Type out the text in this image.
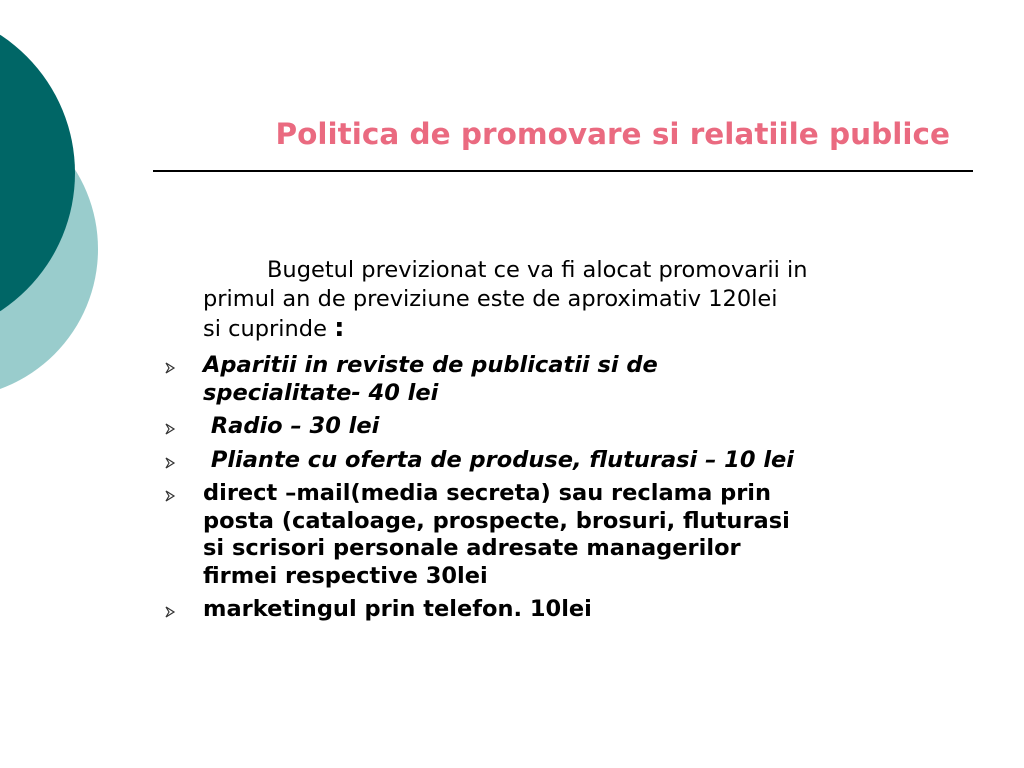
Politica de promovare si relatiile publice
Bugetul previzionat ce va fi alocat promovarii in
primul an de previziune este de aproximativ 120lei
si cuprinde :
Aparitii in reviste de publicatii si de
specialitate- 40 lei
Radio – 30 lei
Pliante cu oferta de produse, fluturasi – 10 lei
direct –mail(media secreta) sau reclama prin
posta (cataloage, prospecte, brosuri, fluturasi
si scrisori personale adresate managerilor
firmei respective 30lei
marketingul prin telefon. 10lei
